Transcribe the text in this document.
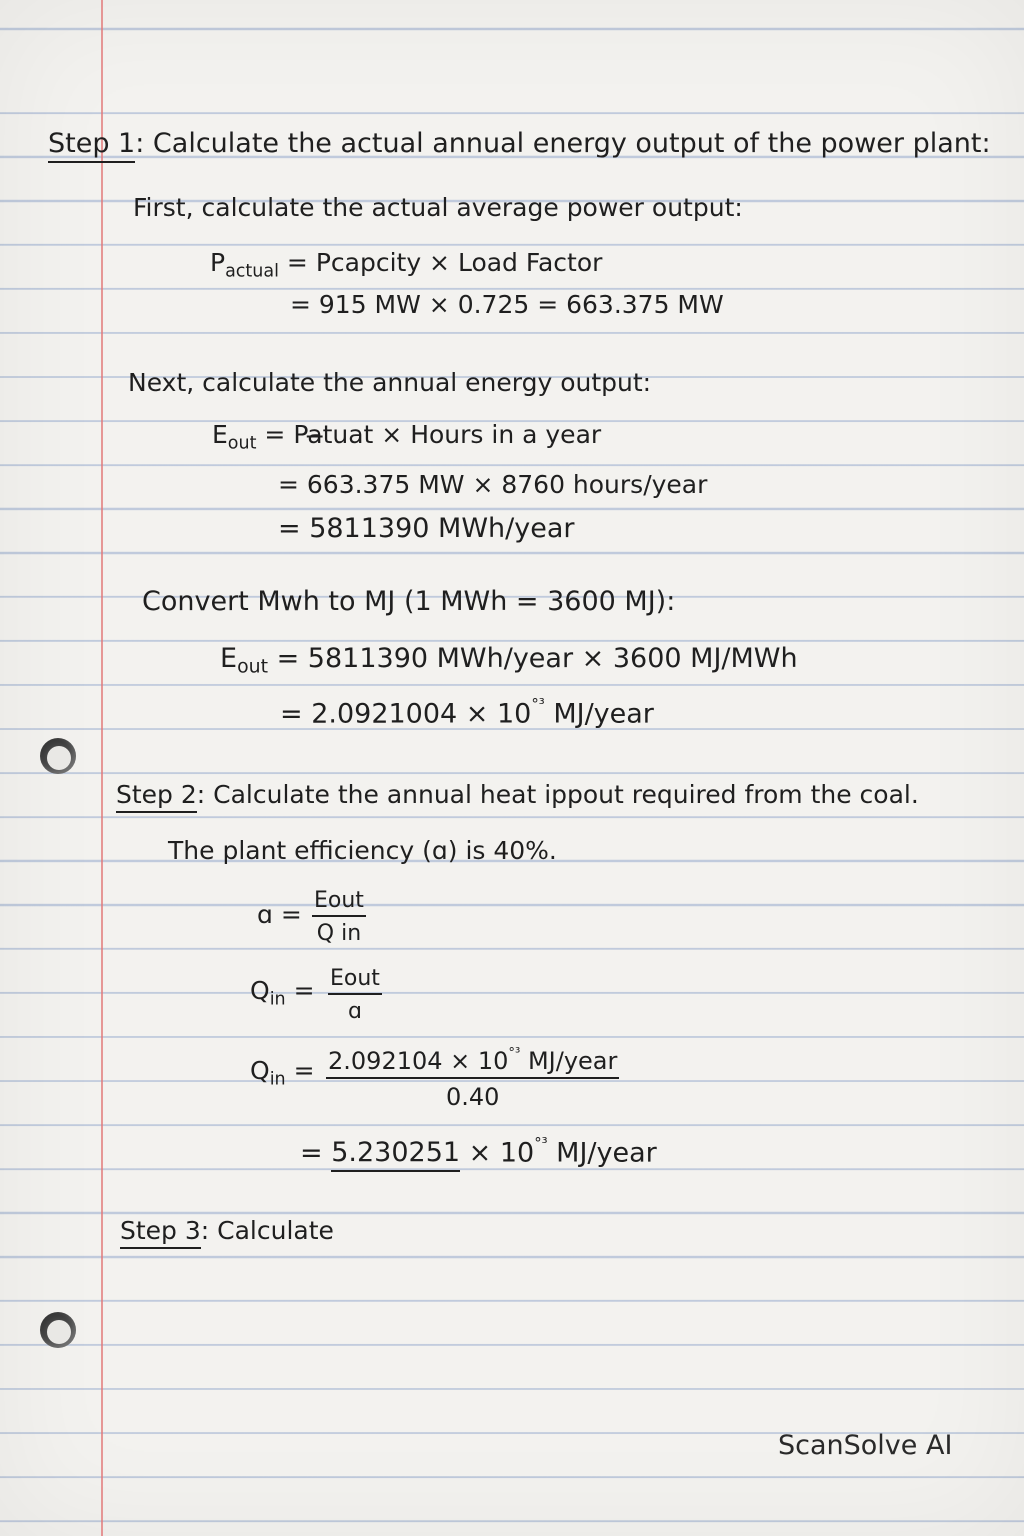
Step 1: Calculate the actual annual energy output of the power plant:
First, calculate the actual average power output:
$P_{actual}$ = Pcapcity × Load Factor
= 915 MW × 0.725 = 663.375 MW
Next, calculate the annual energy output:
$E_{out}$ = Pa̶tuat × Hours in a year
= 663.375 MW × 8760 hours/year
= 5811390 MWh/year
Convert Mwh to MJ (1 MWh = 3600 MJ):
$E_{out} = 5811390$ MWh/year × 3600 MJ/MWh
= $2.0921004 \times 10^{^\circ^3}$ MJ/year
Step 2: Calculate the annual heat ippout required from the coal.
The plant efficiency (ɑ) is 40%.
ɑ = Eout
Q in
$Q_{in}$ = Eout
ɑ
$Q_{in} = 2.092104 \times 10^{^\circ^3}$ MJ/year
0.40
= $5.230251 \times 10^{^\circ^3}$ MJ/year
Step 3: Calculate
ScanSolve AI
